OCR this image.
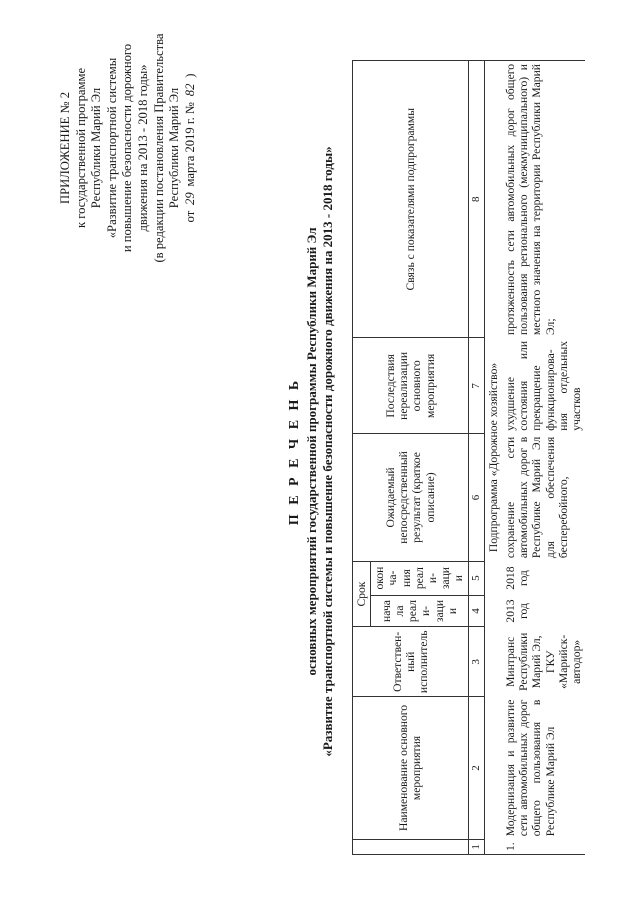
ПРИЛОЖЕНИЕ № 2 к государственной программе Республики Марий Эл «Развитие транспортной системы и повышение безопасности дорожного движения на 2013 - 2018 годы» (в редакции постановления Правительства Республики Марий Эл
от 29 марта 2019 г. № 82 )
П Е Р Е Ч Е Н Ь основных мероприятий государственной программы Республики Марий Эл «Развитие транспортной системы и повышение безопасности дорожного движения на 2013 - 2018 годы»
	Наименование основного мероприятия	Ответствен-ный исполнитель	Срок		Ожидаемый непосредственный результат (краткое описание)	Последствия нереализации основного мероприятия	Связь с показателями подпрограммы
			начала реали-зации	оконча-ния реали-зации			
1	2	3	4	5	6	7	8
Подпрограмма «Дорожное хозяйство»							
1.	Модернизация и развитие сети автомобильных дорог общего пользования в Республике Марий Эл	Минтранс Республики Марий Эл, ГКУ «Марийск-автодор»	2013 год	2018 год	сохранение сети автомобильных дорог в Республике Марий Эл для обеспечения бесперебойного,	ухудшение состояния или прекращение функционирова-ния отдельных участков	протяженность сети автомобильных дорог общего пользования регионального (межмуниципального) и местного значения на территории Республики Марий Эл;
